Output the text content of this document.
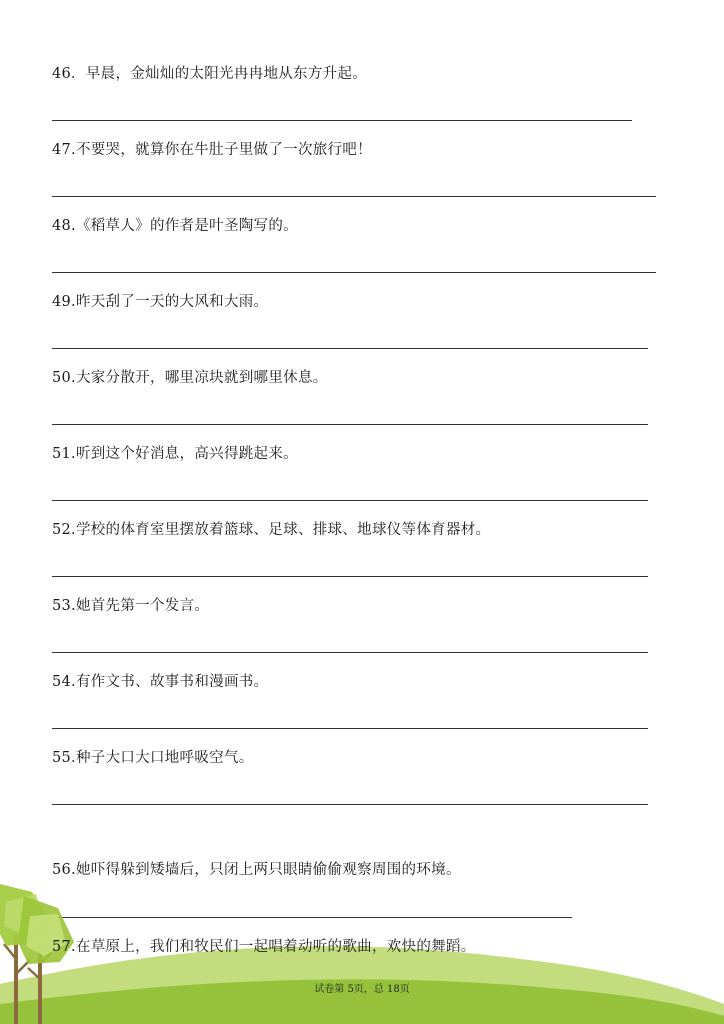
46．早晨，金灿灿的太阳光冉冉地从东方升起。
47.不要哭，就算你在牛肚子里做了一次旅行吧！
48.《稻草人》的作者是叶圣陶写的。
49.昨天刮了一天的大风和大雨。
50.大家分散开，哪里凉块就到哪里休息。
51.听到这个好消息，高兴得跳起来。
52.学校的体育室里摆放着篮球、足球、排球、地球仪等体育器材。
53.她首先第一个发言。
54.有作文书、故事书和漫画书。
55.种子大口大口地呼吸空气。
56.她吓得躲到矮墙后，只闭上两只眼睛偷偷观察周围的环境。
57.在草原上，我们和牧民们一起唱着动听的歌曲，欢快的舞蹈。
试卷第 5页，总 18页
